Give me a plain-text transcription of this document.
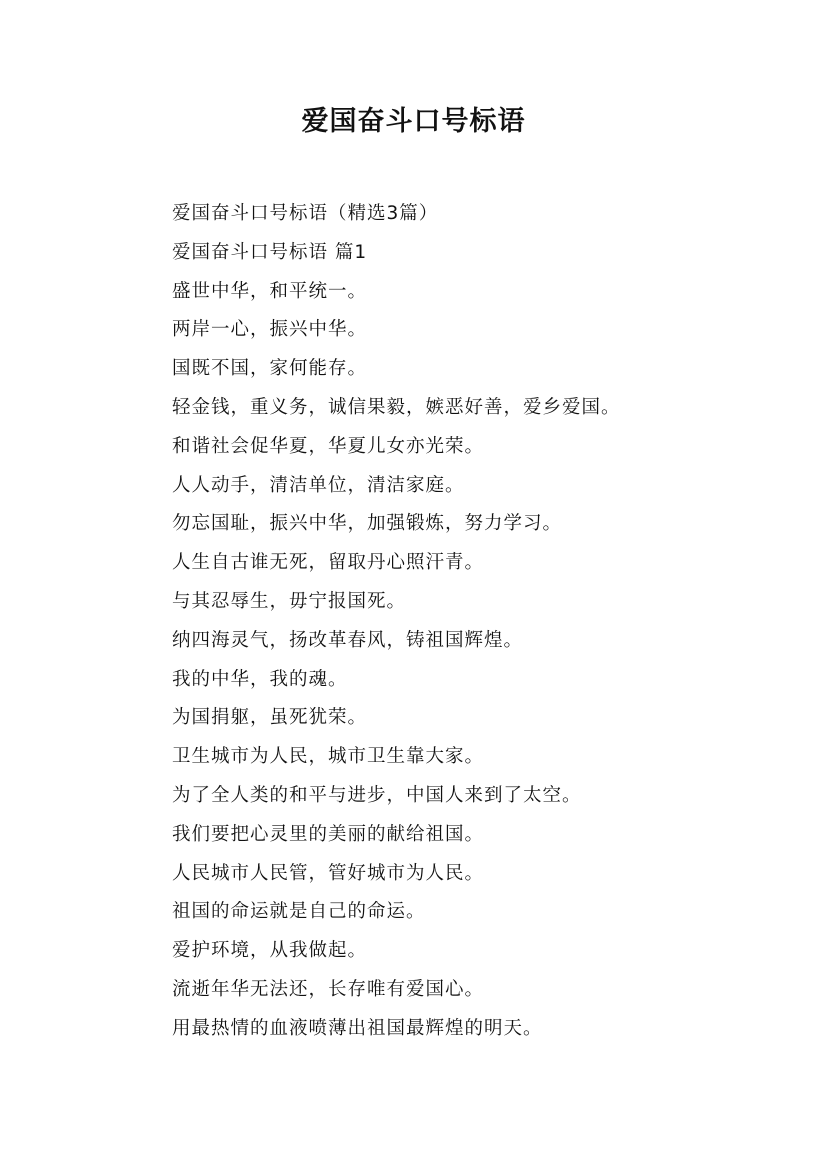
爱国奋斗口号标语
爱国奋斗口号标语（精选3篇）
爱国奋斗口号标语 篇1
盛世中华，和平统一。
两岸一心，振兴中华。
国既不国，家何能存。
轻金钱，重义务，诚信果毅，嫉恶好善，爱乡爱国。
和谐社会促华夏，华夏儿女亦光荣。
人人动手，清洁单位，清洁家庭。
勿忘国耻，振兴中华，加强锻炼，努力学习。
人生自古谁无死，留取丹心照汗青。
与其忍辱生，毋宁报国死。
纳四海灵气，扬改革春风，铸祖国辉煌。
我的中华，我的魂。
为国捐躯，虽死犹荣。
卫生城市为人民，城市卫生靠大家。
为了全人类的和平与进步，中国人来到了太空。
我们要把心灵里的美丽的献给祖国。
人民城市人民管，管好城市为人民。
祖国的命运就是自己的命运。
爱护环境，从我做起。
流逝年华无法还，长存唯有爱国心。
用最热情的血液喷薄出祖国最辉煌的明天。
